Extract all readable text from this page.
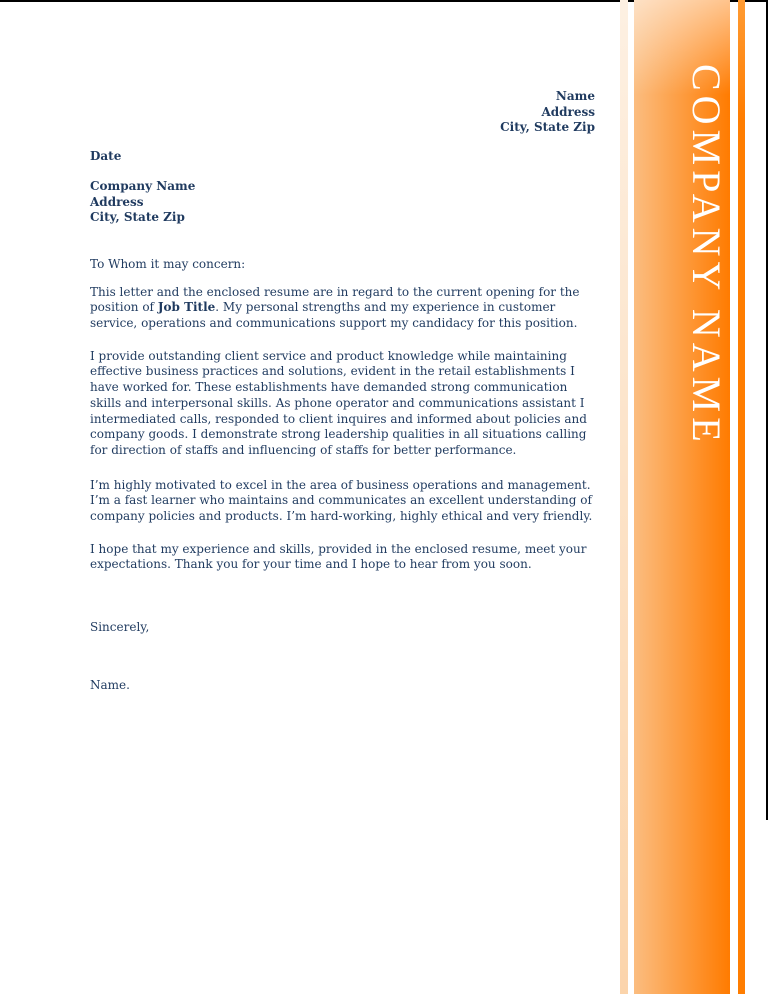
Name
Address
City, State Zip
Date
Company Name
Address
City, State Zip
To Whom it may concern:
This letter and the enclosed resume are in regard to the current opening for the position of Job Title. My personal strengths and my experience in customer service, operations and communications support my candidacy for this position.
I provide outstanding client service and product knowledge while maintaining effective business practices and solutions, evident in the retail establishments I have worked for. These establishments have demanded strong communication skills and interpersonal skills. As phone operator and communications assistant I intermediated calls, responded to client inquires and informed about policies and company goods. I demonstrate strong leadership qualities in all situations calling for direction of staffs and influencing of staffs for better performance.
I’m highly motivated to excel in the area of business operations and management. I’m a fast learner who maintains and communicates an excellent understanding of company policies and products. I’m hard-working, highly ethical and very friendly.
I hope that my experience and skills, provided in the enclosed resume, meet your expectations. Thank you for your time and I hope to hear from you soon.
Sincerely,
Name.
COMPANY NAME
